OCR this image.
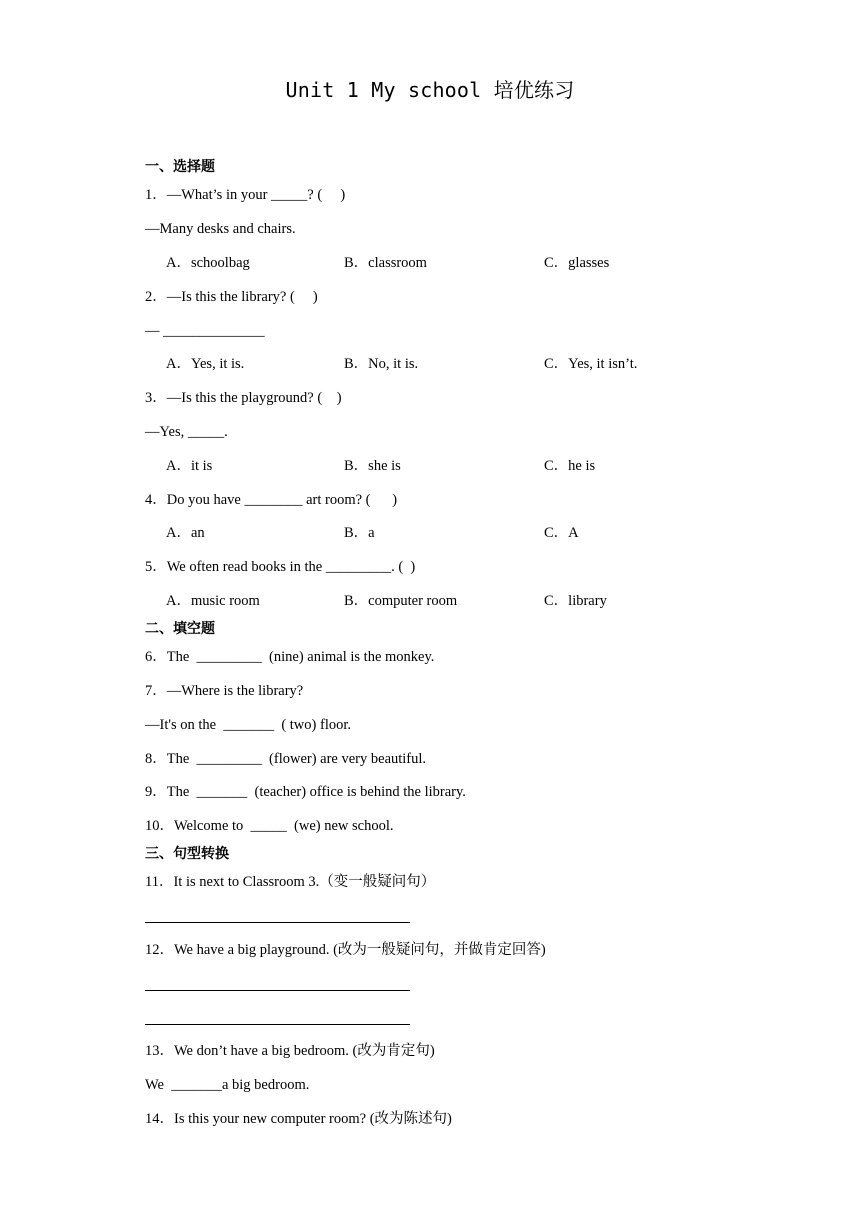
Unit 1 My school 培优练习
一、选择题
1．—What’s in your _____? (     )
—Many desks and chairs.
A．schoolbag	B．classroom	C．glasses
2．—Is this the library? (     )
— ______________
A．Yes, it is.	B．No, it is.	C．Yes, it isn’t.
3．—Is this the playground? (    )
—Yes, _____.
A．it is	B．she is	C．he is
4．Do you have ________ art room? (      )
A．an	B．a	C．A
5．We often read books in the _________. (  )
A．music room	B．computer room	C．library
二、填空题
6．The  _________  (nine) animal is the monkey.
7．—Where is the library?
—It's on the  _______  ( two) floor.
8．The  _________  (flower) are very beautiful.
9．The  _______  (teacher) office is behind the library.
10．Welcome to  _____  (we) new school.
三、句型转换
11．It is next to Classroom 3.（变一般疑问句）
12．We have a big playground. (改为一般疑问句，并做肯定回答)
13．We don’t have a big bedroom. (改为肯定句)
We  _______a big bedroom.
14．Is this your new computer room? (改为陈述句)
